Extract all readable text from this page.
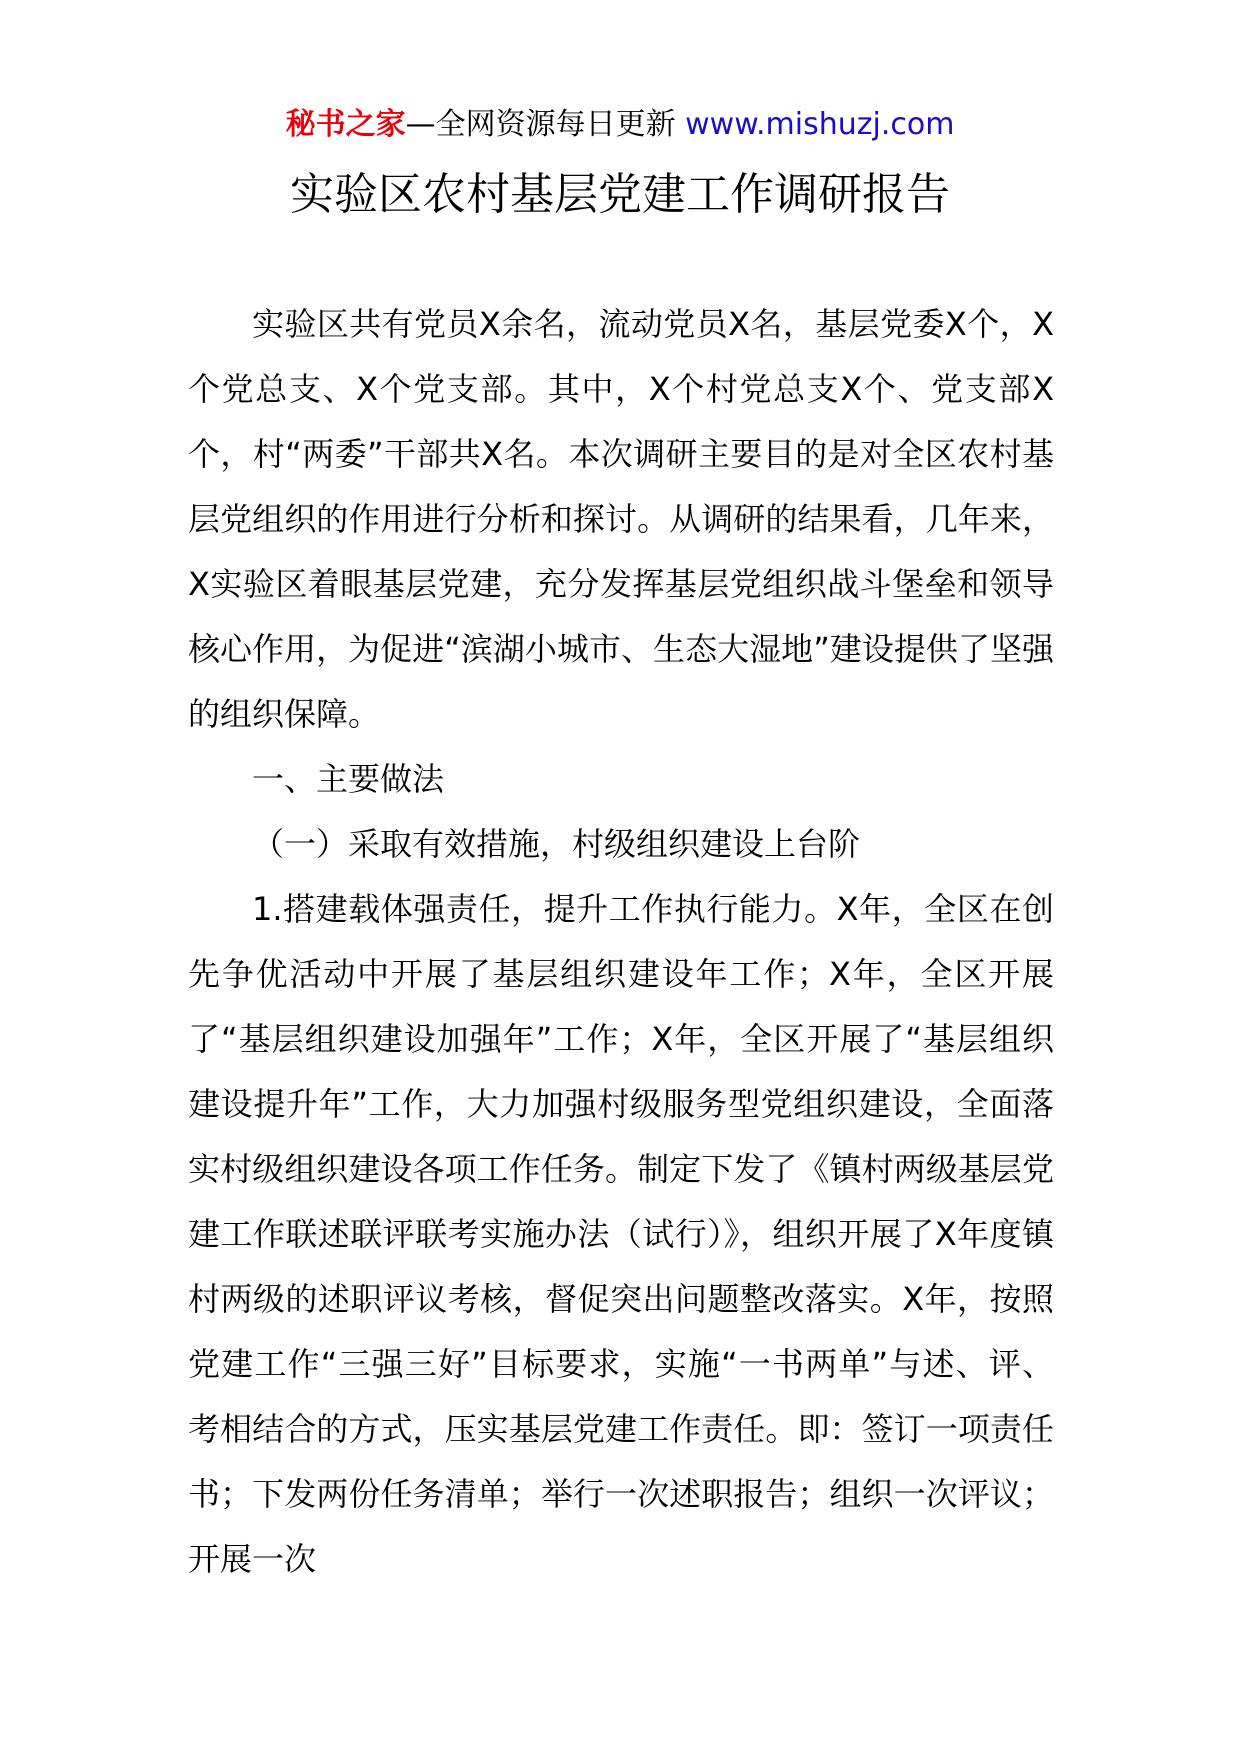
秘书之家—全网资源每日更新 www.mishuzj.com
实验区农村基层党建工作调研报告

实验区共有党员X余名，流动党员X名，基层党委X个，X个党总支、X个党支部。其中，X个村党总支X个、党支部X个，村“两委”干部共X名。本次调研主要目的是对全区农村基层党组织的作用进行分析和探讨。从调研的结果看，几年来，X实验区着眼基层党建，充分发挥基层党组织战斗堡垒和领导核心作用，为促进“滨湖小城市、生态大湿地”建设提供了坚强的组织保障。

一、主要做法

（一）采取有效措施，村级组织建设上台阶

1.搭建载体强责任，提升工作执行能力。X年，全区在创先争优活动中开展了基层组织建设年工作；X年，全区开展了“基层组织建设加强年”工作；X年，全区开展了“基层组织建设提升年”工作，大力加强村级服务型党组织建设，全面落实村级组织建设各项工作任务。制定下发了《镇村两级基层党建工作联述联评联考实施办法（试行）》，组织开展了X年度镇村两级的述职评议考核，督促突出问题整改落实。X年，按照党建工作“三强三好”目标要求，实施“一书两单”与述、评、考相结合的方式，压实基层党建工作责任。即：签订一项责任书；下发两份任务清单；举行一次述职报告；组织一次评议；开展一次
